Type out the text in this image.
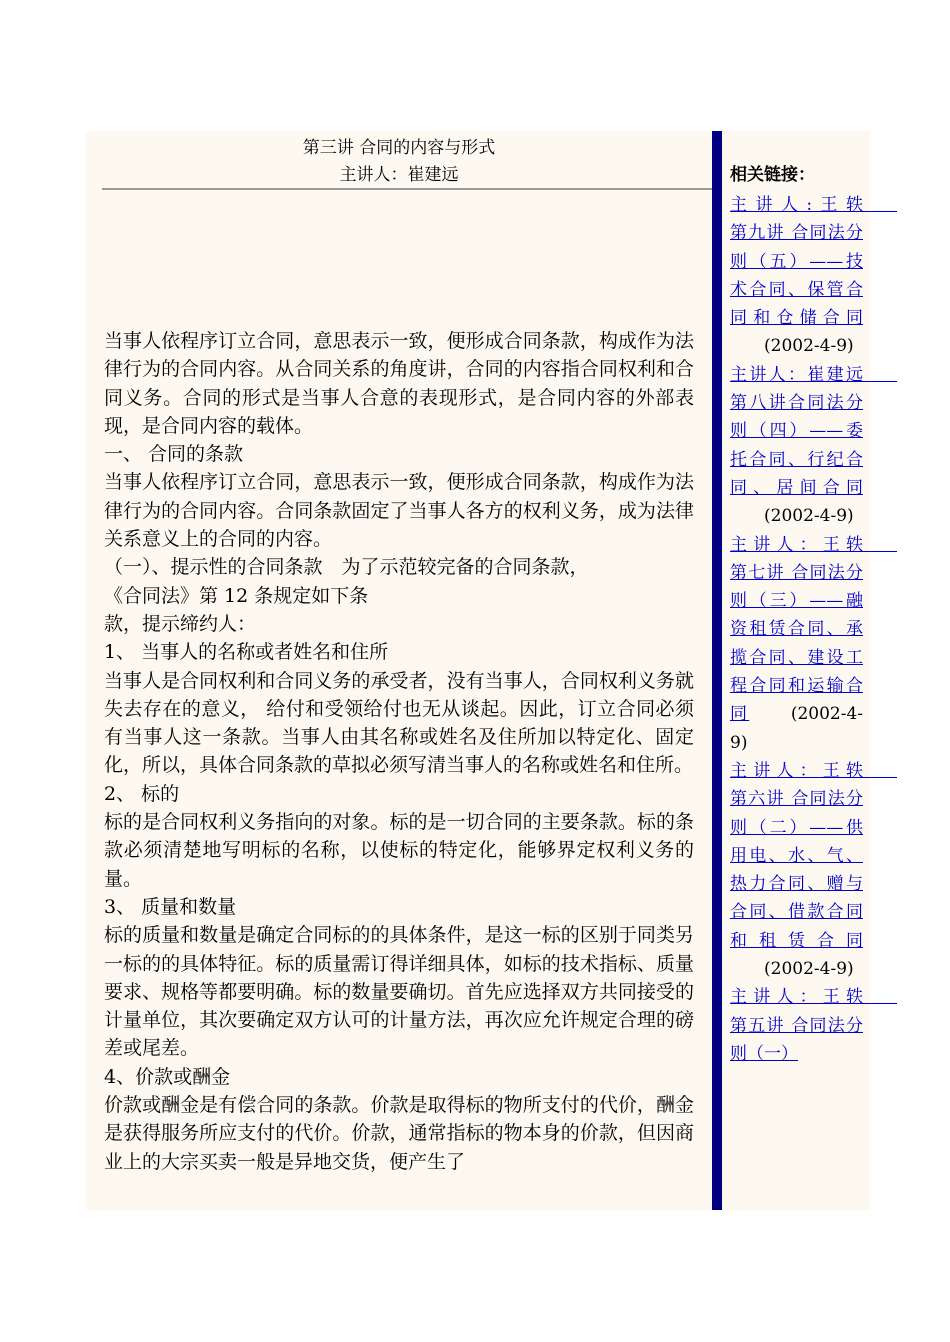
第三讲 合同的内容与形式
主讲人：崔建远

当事人依程序订立合同，意思表示一致，便形成合同条款，构成作为法律行为的合同内容。从合同关系的角度讲，合同的内容指合同权利和合同义务。合同的形式是当事人合意的表现形式，是合同内容的外部表现，是合同内容的载体。

一、 合同的条款

当事人依程序订立合同，意思表示一致，便形成合同条款，构成作为法律行为的合同内容。合同条款固定了当事人各方的权利义务，成为法律关系意义上的合同的内容。

（一）、提示性的合同条款　为了示范较完备的合同条款，

《合同法》第 12 条规定如下条

款，提示缔约人：

1、 当事人的名称或者姓名和住所

当事人是合同权利和合同义务的承受者，没有当事人，合同权利义务就失去存在的意义， 给付和受领给付也无从谈起。因此，订立合同必须有当事人这一条款。当事人由其名称或姓名及住所加以特定化、固定化，所以，具体合同条款的草拟必须写清当事人的名称或姓名和住所。

2、 标的

标的是合同权利义务指向的对象。标的是一切合同的主要条款。标的条款必须清楚地写明标的名称，以使标的特定化，能够界定权利义务的量。

3、 质量和数量

标的质量和数量是确定合同标的的具体条件，是这一标的区别于同类另一标的的具体特征。标的质量需订得详细具体，如标的技术指标、质量要求、规格等都要明确。标的数量要确切。首先应选择双方共同接受的计量单位，其次要确定双方认可的计量方法，再次应允许规定合理的磅差或尾差。

4、价款或酬金

价款或酬金是有偿合同的条款。价款是取得标的物所支付的代价，酬金是获得服务所应支付的代价。价款，通常指标的物本身的价款，但因商业上的大宗买卖一般是异地交货，便产生了

相关链接：

主讲人:王轶　　第九讲 合同法分则（五）——技术合同、保管合同和仓储合同 (2002-4-9)

主讲人：崔建远　　第八讲合同法分则（四）——委托合同、行纪合同、居间合同 (2002-4-9)

主讲人：王轶　　第七讲 合同法分则（三）——融资租赁合同、承揽合同、建设工程合同和运输合同 (2002-4-9)

主讲人：王轶　　第六讲 合同法分则（二）——供用电、水、气、热力合同、赠与合同、借款合同和租赁合同 (2002-4-9)

主讲人：王轶　　第五讲 合同法分则（一）
